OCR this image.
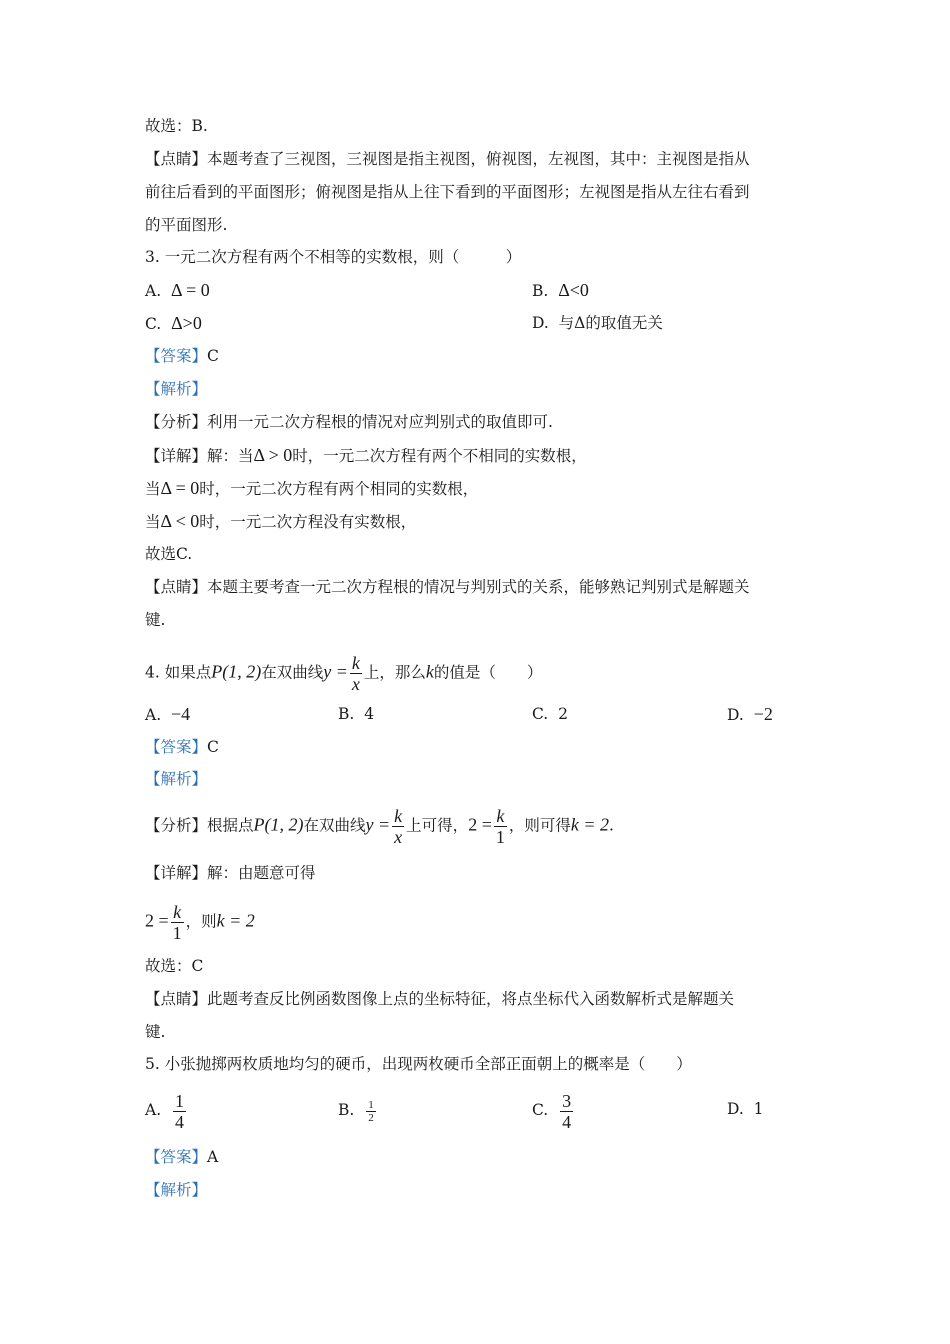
故选：B.
【点睛】本题考查了三视图，三视图是指主视图，俯视图，左视图，其中：主视图是指从
前往后看到的平面图形；俯视图是指从上往下看到的平面图形；左视图是指从左往右看到
的平面图形.
3. 一元二次方程有两个不相等的实数根，则（　　　）
A. Δ = 0	B. Δ<0
C. Δ>0	D. 与Δ的取值无关
【答案】C
【解析】
【分析】利用一元二次方程根的情况对应判别式的取值即可.
【详解】解：当Δ > 0时，一元二次方程有两个不相同的实数根，
当Δ = 0时，一元二次方程有两个相同的实数根，
当Δ < 0时，一元二次方程没有实数根，
故选C.
【点睛】本题主要考查一元二次方程根的情况与判别式的关系，能够熟记判别式是解题关
键.
4. 如果点P(1, 2)在双曲线$y = \frac{k}{x}$ 上，那么k的值是（　　）
A. −4	B. 4	C. 2	D. −2
【答案】C
【解析】
【分析】根据点P(1, 2)在双曲线$y = \frac{k}{x}$ 上可得，$2 = \frac{k}{1}$ ，则可得k = 2.
【详解】解：由题意可得
$2 = \frac{k}{1}$ ，则k = 2
故选：C
【点睛】此题考查反比例函数图像上点的坐标特征，将点坐标代入函数解析式是解题关
键.
5. 小张抛掷两枚质地均匀的硬币，出现两枚硬币全部正面朝上的概率是（　　）
A. $\frac{1}{4}$	B. $\frac{1}{2}$	C. $\frac{3}{4}$	D. 1
【答案】A
【解析】
